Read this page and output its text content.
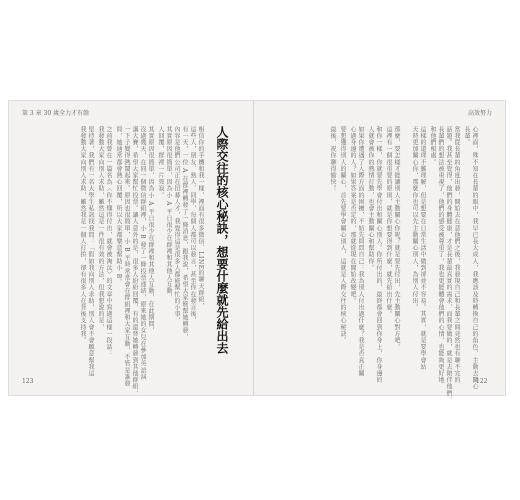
第 3 章 30 歲全力才有餘	高效努力
123	122
人際交往的核心秘訣，想要什麼就先給出去
相信你的手機和我一樣，裡面有很多微信、LINE的聊天群組，
這些人，朋友、熟人、同學，每個人都可以發言，甚至你在發言後，
有一天，一位 A 在群裡轉發了一條消息，跟我說，希望大家能幫她轉發，
內容是他們公司正在招募人才，我覺得這是很多人都能幫忙的小事，
其實原因很簡單，因為小 A 平日很少在群裡和其他人互動，
人回覆，群裡一片死寂。
其實原因很簡單，因為小 A 平日很少在群裡和其他人互動，在此期間，
沒過幾天，在同一個微信群組裡，小 B 發了一條投票連結，原來她的女兒在參加英語演
講大賽，希望大家幫忙投票。讓人意外的是，很多人紛紛回覆，有的還替她轉發到其他群組，
一下子變得熱鬧起來。原因也很簡單，小 B 平時常常會在群組裡和大家互動，不管是誰發
問，她通常都會熱心回覆，所以大家都樂意幫助小 B。
之前我曾在一篇名為〈你不懂得付出，就會被淘汰〉的文章中寫過這樣一段話：
我發動大家向別人求助，雖然這是一件很有效的方法，但我想說的是，
堅持著，我們有一名大學生私訊找我問：「假如我向別人求助，別人會不會願意幫我這
我發動大家向別人求助，雖然我是一個人打拚，卻有很多人在背後支持我。	心裡面，殊不知在長輩的眼中，我早已長大成人，我應該及時轉換自己的角色，主動去關心
長輩。
當我從長輩的角度出發，開始去在意他們之後，我發現自己和長輩之間竟然也有聊不完的
話題。我甚至覺得，他們的身體健康，才是長輩最真實的需求，而我要做的，就是去陪伴他們、
長輩們的想法被重視了，他們的感受被尊重了，我也更能體會他們的心情，也能夠更好地
和他們相處。
這樣的道理不難理解，但是想要在日常生活中做到卻並不容易。其實，就是要學會站
天時更加關心你，那麼你也可以先主動關心別人，為別人付出。
那麼，要怎樣才能讓別人主動關心你呢？就是要先付出，先主動關心對方吧。
這裡有一個很重要的原則，就是你想要得到什麼，就先給出什麼。
和你一樣，你就要先學會付出和關心別人。你所付出的，最終都會回到你身上，你身邊的
人就會被你的熱情打動，也會主動關心和幫助你。
如果你遭遇了人際方面的困擾，不妨先問問自己：我為別人付出過什麼？我是否真正關
心過身邊的人？如果答案是否定的，那就從現在開始改變吧。
要想獲得別人的關心，首先要學會關心別人，這就是人際交往的核心秘訣。
最後，祝你聊得愉快！
